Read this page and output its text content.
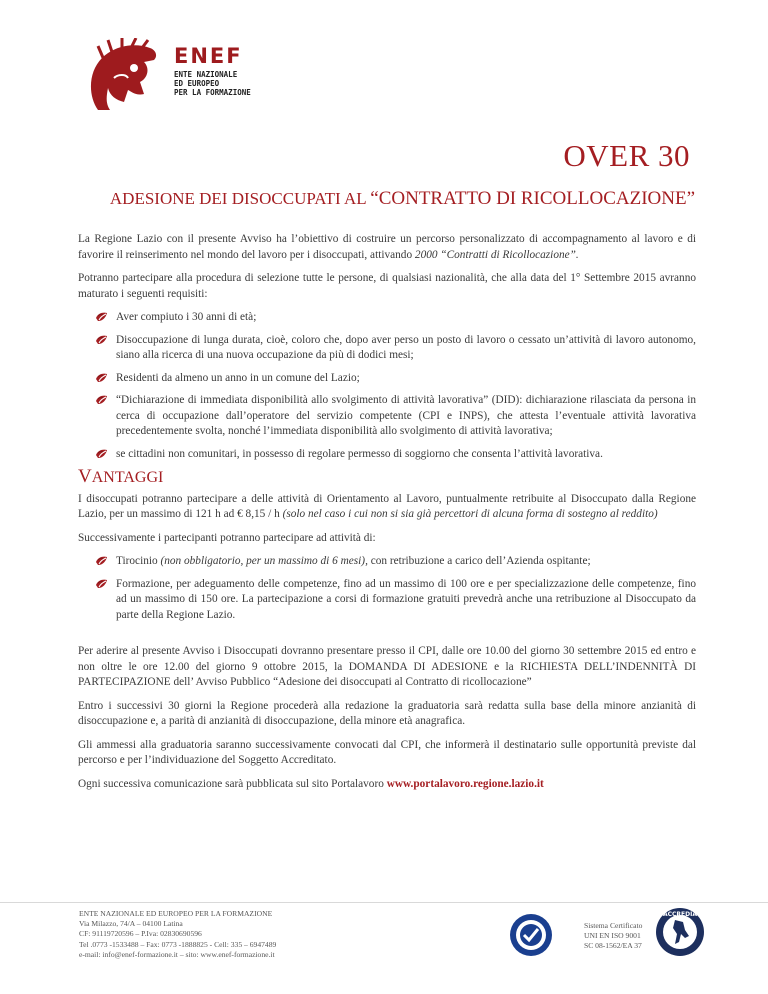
ENEF
ENTE NAZIONALE
ED EUROPEO
PER LA FORMAZIONE
OVER 30
ADESIONE DEI DISOCCUPATI AL “CONTRATTO DI RICOLLOCAZIONE”

La Regione Lazio con il presente Avviso ha l’obiettivo di costruire un percorso personalizzato di accompagnamento al lavoro e di favorire il reinserimento nel mondo del lavoro per i disoccupati, attivando 2000 “Contratti di Ricollocazione”.

Potranno partecipare alla procedura di selezione tutte le persone, di qualsiasi nazionalità, che alla data del 1° Settembre 2015 avranno maturato i seguenti requisiti:

Aver compiuto i 30 anni di età;
Disoccupazione di lunga durata, cioè, coloro che, dopo aver perso un posto di lavoro o cessato un’attività di lavoro autonomo, siano alla ricerca di una nuova occupazione da più di dodici mesi;
Residenti da almeno un anno in un comune del Lazio;
“Dichiarazione di immediata disponibilità allo svolgimento di attività lavorativa” (DID): dichiarazione rilasciata da persona in cerca di occupazione dall’operatore del servizio competente (CPI e INPS), che attesta l’eventuale attività lavorativa precedentemente svolta, nonché l’immediata disponibilità allo svolgimento di attività lavorativa;
se cittadini non comunitari, in possesso di regolare permesso di soggiorno che consenta l’attività lavorativa.
VANTAGGI

I disoccupati potranno partecipare a delle attività di Orientamento al Lavoro, puntualmente retribuite al Disoccupato dalla Regione Lazio, per un massimo di 121 h ad € 8,15 / h (solo nel caso i cui non si sia già percettori di alcuna forma di sostegno al reddito)

Successivamente i partecipanti potranno partecipare ad attività di:

Tirocinio (non obbligatorio, per un massimo di 6 mesi), con retribuzione a carico dell’Azienda ospitante;
Formazione, per adeguamento delle competenze, fino ad un massimo di 100 ore e per specializzazione delle competenze, fino ad un massimo di 150 ore. La partecipazione a corsi di formazione gratuiti prevedrà anche una retribuzione al Disoccupato da parte della Regione Lazio.

Per aderire al presente Avviso i Disoccupati dovranno presentare presso il CPI, dalle ore 10.00 del giorno 30 settembre 2015 ed entro e non oltre le ore 12.00 del giorno 9 ottobre 2015, la DOMANDA DI ADESIONE e la RICHIESTA DELL’INDENNITÀ DI PARTECIPAZIONE dell’ Avviso Pubblico “Adesione dei disoccupati al Contratto di ricollocazione”

Entro i successivi 30 giorni la Regione procederà alla redazione la graduatoria sarà redatta sulla base della minore anzianità di disoccupazione e, a parità di anzianità di disoccupazione, della minore età anagrafica.

Gli ammessi alla graduatoria saranno successivamente convocati dal CPI, che informerà il destinatario sulle opportunità previste dal percorso e per l’individuazione del Soggetto Accreditato.

Ogni successiva comunicazione sarà pubblicata sul sito Portalavoro www.portalavoro.regione.lazio.it

ENTE NAZIONALE ED EUROPEO PER LA FORMAZIONE
Via Milazzo, 74/A – 04100 Latina
CF: 91119720596 – P.Iva: 02830690596
Tel .0773 -1533488 – Fax: 0773 -1888825 - Cell: 335 – 6947489
e-mail: info@enef-formazione.it – sito: www.enef-formazione.it
Sistema Certificato
UNI EN ISO 9001
SC 08-1562/EA 37
ACCREDIA
